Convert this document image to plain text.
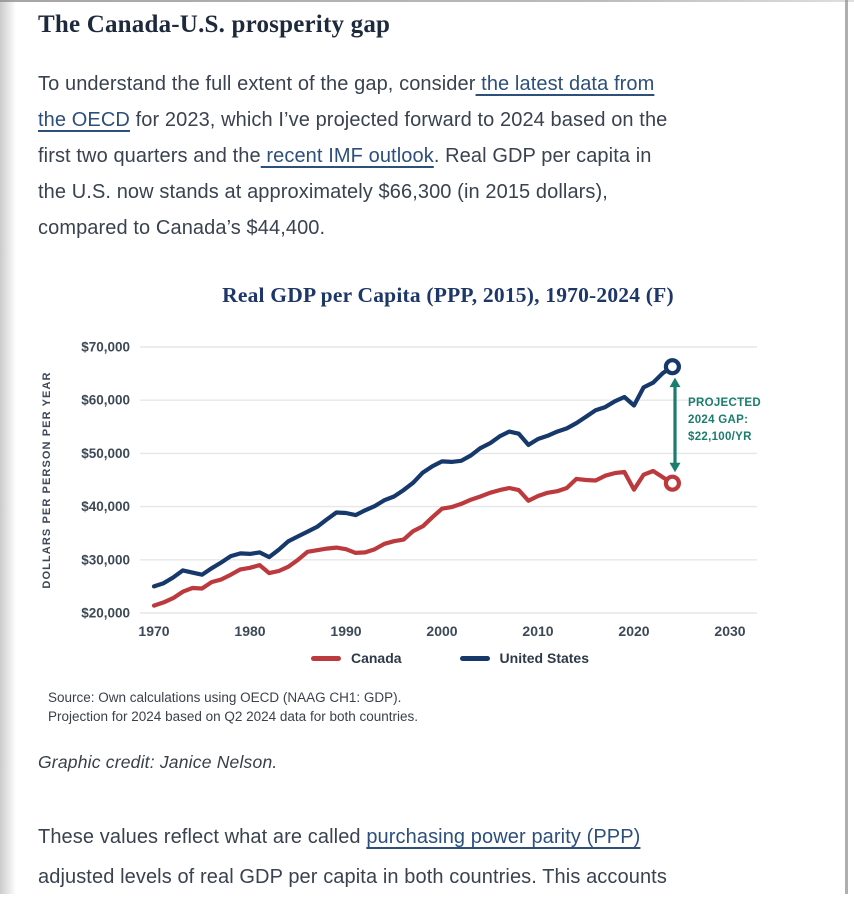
The Canada-U.S. prosperity gap

To understand the full extent of the gap, consider the latest data from
the OECD for 2023, which I’ve projected forward to 2024 based on the
first two quarters and the recent IMF outlook. Real GDP per capita in
the U.S. now stands at approximately $66,300 (in 2015 dollars),
compared to Canada’s $44,400.

Real GDP per Capita (PPP, 2015), 1970-2024 (F)
$70,000
$60,000
$50,000
$40,000
$30,000
$20,000
1970	1980	1990	2000	2010	2020	2030
DOLLARS PER PERSON PER YEAR	PROJECTED 2024 GAP: $22,100/YR
Canada	United States
Source: Own calculations using OECD (NAAG CH1: GDP).
Projection for 2024 based on Q2 2024 data for both countries.
Graphic credit: Janice Nelson.

These values reflect what are called purchasing power parity (PPP)
adjusted levels of real GDP per capita in both countries. This accounts
